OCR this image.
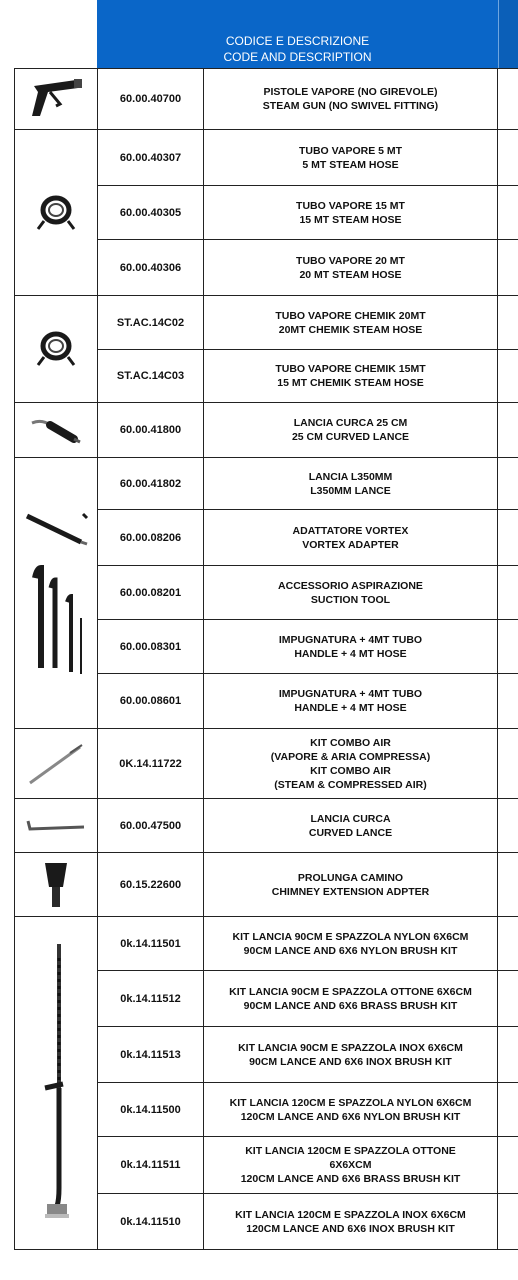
CODICE E DESCRIZIONE
CODE AND DESCRIPTION
	60.00.40700	PISTOLE VAPORE (NO GIREVOLE)
STEAM GUN (NO SWIVEL FITTING)	

	60.00.40307	TUBO VAPORE 5 MT
5 MT STEAM HOSE	

	60.00.40305	TUBO VAPORE 15 MT
15 MT STEAM HOSE	

	60.00.40306	TUBO VAPORE 20 MT
20 MT STEAM HOSE	

	ST.AC.14C02	TUBO VAPORE CHEMIK 20MT
20MT CHEMIK STEAM HOSE	

	ST.AC.14C03	TUBO VAPORE CHEMIK 15MT
15 MT CHEMIK STEAM HOSE	

	60.00.41800	LANCIA CURCA 25 CM
25 CM CURVED LANCE	

	60.00.41802	LANCIA L350MM
L350MM LANCE	

	60.00.08206	ADATTATORE VORTEX
VORTEX ADAPTER	

	60.00.08201	ACCESSORIO ASPIRAZIONE
SUCTION TOOL	

	60.00.08301	IMPUGNATURA + 4MT TUBO
HANDLE + 4 MT HOSE	

	60.00.08601	IMPUGNATURA + 4MT TUBO
HANDLE + 4 MT HOSE	

	0K.14.11722	KIT COMBO AIR
(VAPORE & ARIA COMPRESSA)
KIT COMBO AIR
(STEAM & COMPRESSED AIR)	

	60.00.47500	LANCIA CURCA
CURVED LANCE	

	60.15.22600	PROLUNGA CAMINO
CHIMNEY EXTENSION ADPTER	

	0k.14.11501	KIT LANCIA 90CM E SPAZZOLA NYLON 6X6CM
90CM LANCE AND 6X6 NYLON BRUSH KIT	

	0k.14.11512	KIT LANCIA 90CM E SPAZZOLA OTTONE 6X6CM
90CM LANCE AND 6X6 BRASS BRUSH KIT	

	0k.14.11513	KIT LANCIA 90CM E SPAZZOLA INOX 6X6CM
90CM LANCE AND 6X6 INOX BRUSH KIT	

	0k.14.11500	KIT LANCIA 120CM E SPAZZOLA NYLON 6X6CM
120CM LANCE AND 6X6 NYLON BRUSH KIT	

	0k.14.11511	KIT LANCIA 120CM E SPAZZOLA OTTONE
6X6XCM
120CM LANCE AND 6X6 BRASS BRUSH KIT	

	0k.14.11510	KIT LANCIA 120CM E SPAZZOLA INOX 6X6CM
120CM LANCE AND 6X6 INOX BRUSH KIT	
